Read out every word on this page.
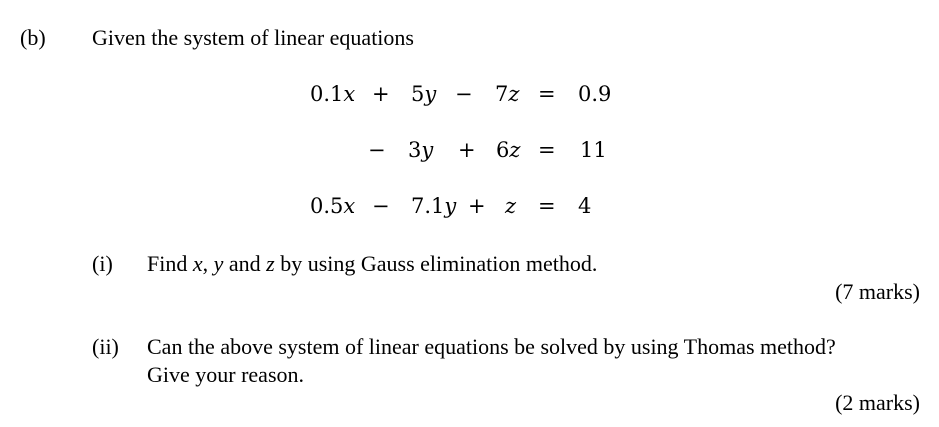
(b) Given the system of linear equations
0.1x + 5y − 7z = 0.9
− 3y + 6z = 11
0.5x − 7.1y + z = 4
(i) Find x, y and z by using Gauss elimination method.
(7 marks)
(ii) Can the above system of linear equations be solved by using Thomas method?
Give your reason.
(2 marks)
